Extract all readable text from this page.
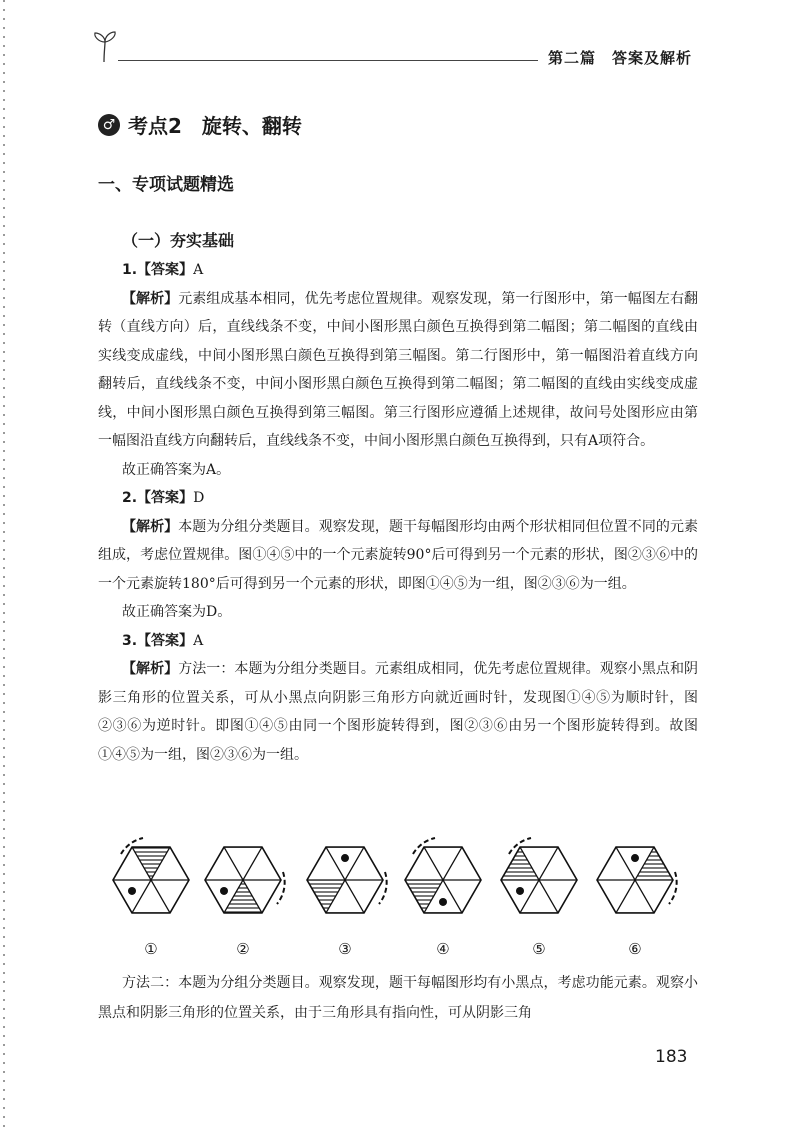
第二篇　答案及解析
♂ 考点2　旋转、翻转
一、专项试题精选
（一）夯实基础

1.【答案】A

【解析】元素组成基本相同，优先考虑位置规律。观察发现，第一行图形中，第一幅图左右翻转（直线方向）后，直线线条不变，中间小图形黑白颜色互换得到第二幅图；第二幅图的直线由实线变成虚线，中间小图形黑白颜色互换得到第三幅图。第二行图形中，第一幅图沿着直线方向翻转后，直线线条不变，中间小图形黑白颜色互换得到第二幅图；第二幅图的直线由实线变成虚线，中间小图形黑白颜色互换得到第三幅图。第三行图形应遵循上述规律，故问号处图形应由第一幅图沿直线方向翻转后，直线线条不变，中间小图形黑白颜色互换得到，只有A项符合。

故正确答案为A。

2.【答案】D

【解析】本题为分组分类题目。观察发现，题干每幅图形均由两个形状相同但位置不同的元素组成，考虑位置规律。图①④⑤中的一个元素旋转90°后可得到另一个元素的形状，图②③⑥中的一个元素旋转180°后可得到另一个元素的形状，即图①④⑤为一组，图②③⑥为一组。

故正确答案为D。

3.【答案】A

【解析】方法一：本题为分组分类题目。元素组成相同，优先考虑位置规律。观察小黑点和阴影三角形的位置关系，可从小黑点向阴影三角形方向就近画时针，发现图①④⑤为顺时针，图②③⑥为逆时针。即图①④⑤由同一个图形旋转得到，图②③⑥由另一个图形旋转得到。故图①④⑤为一组，图②③⑥为一组。

①	②	③	④	⑤	⑥

方法二：本题为分组分类题目。观察发现，题干每幅图形均有小黑点，考虑功能元素。观察小黑点和阴影三角形的位置关系，由于三角形具有指向性，可从阴影三角

183
